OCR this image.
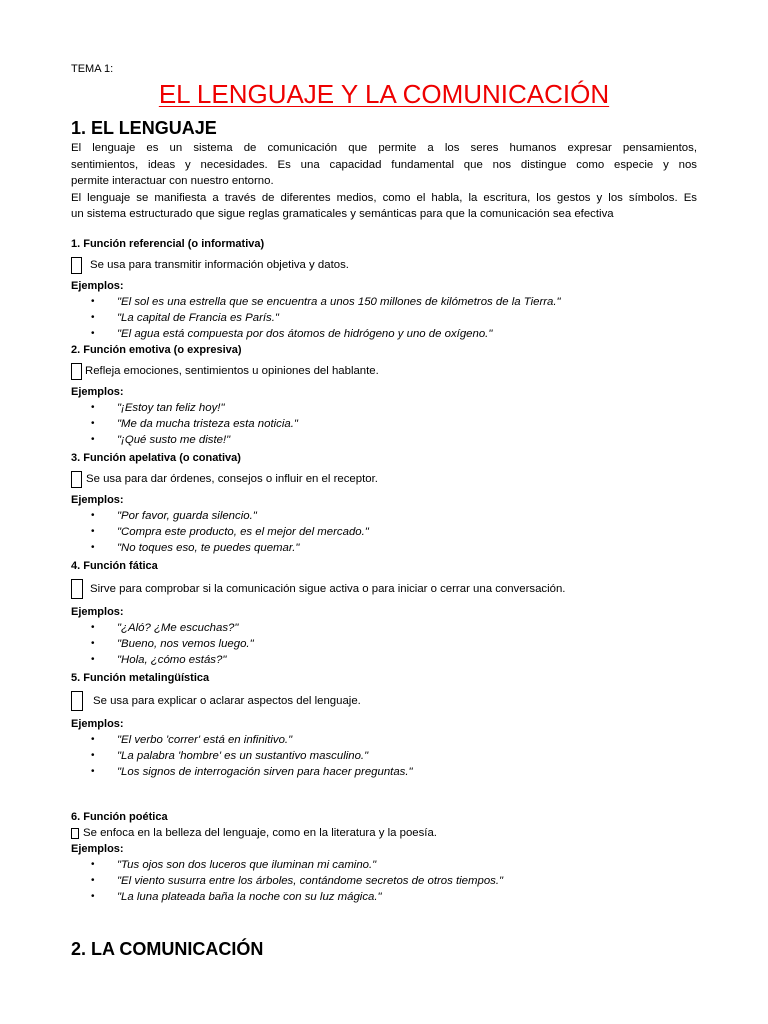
TEMA 1:
EL LENGUAJE Y LA COMUNICACIÓN
1. EL LENGUAJE
El lenguaje es un sistema de comunicación que permite a los seres humanos expresar pensamientos,
sentimientos, ideas y necesidades. Es una capacidad fundamental que nos distingue como especie y nos
permite interactuar con nuestro entorno.
El lenguaje se manifiesta a través de diferentes medios, como el habla, la escritura, los gestos y los símbolos. Es
un sistema estructurado que sigue reglas gramaticales y semánticas para que la comunicación sea efectiva
1. Función referencial (o informativa)
Se usa para transmitir información objetiva y datos.
Ejemplos:
• "El sol es una estrella que se encuentra a unos 150 millones de kilómetros de la Tierra."
• "La capital de Francia es París."
• "El agua está compuesta por dos átomos de hidrógeno y uno de oxígeno."
2. Función emotiva (o expresiva)
Refleja emociones, sentimientos u opiniones del hablante.
Ejemplos:
• "¡Estoy tan feliz hoy!"
• "Me da mucha tristeza esta noticia."
• "¡Qué susto me diste!"
3. Función apelativa (o conativa)
Se usa para dar órdenes, consejos o influir en el receptor.
Ejemplos:
• "Por favor, guarda silencio."
• "Compra este producto, es el mejor del mercado."
• "No toques eso, te puedes quemar."
4. Función fática
Sirve para comprobar si la comunicación sigue activa o para iniciar o cerrar una conversación.
Ejemplos:
• "¿Aló? ¿Me escuchas?"
• "Bueno, nos vemos luego."
• "Hola, ¿cómo estás?"
5. Función metalingüística
Se usa para explicar o aclarar aspectos del lenguaje.
Ejemplos:
• "El verbo 'correr' está en infinitivo."
• "La palabra 'hombre' es un sustantivo masculino."
• "Los signos de interrogación sirven para hacer preguntas."
6. Función poética
Se enfoca en la belleza del lenguaje, como en la literatura y la poesía.
Ejemplos:
• "Tus ojos son dos luceros que iluminan mi camino."
• "El viento susurra entre los árboles, contándome secretos de otros tiempos."
• "La luna plateada baña la noche con su luz mágica."
2. LA COMUNICACIÓN
